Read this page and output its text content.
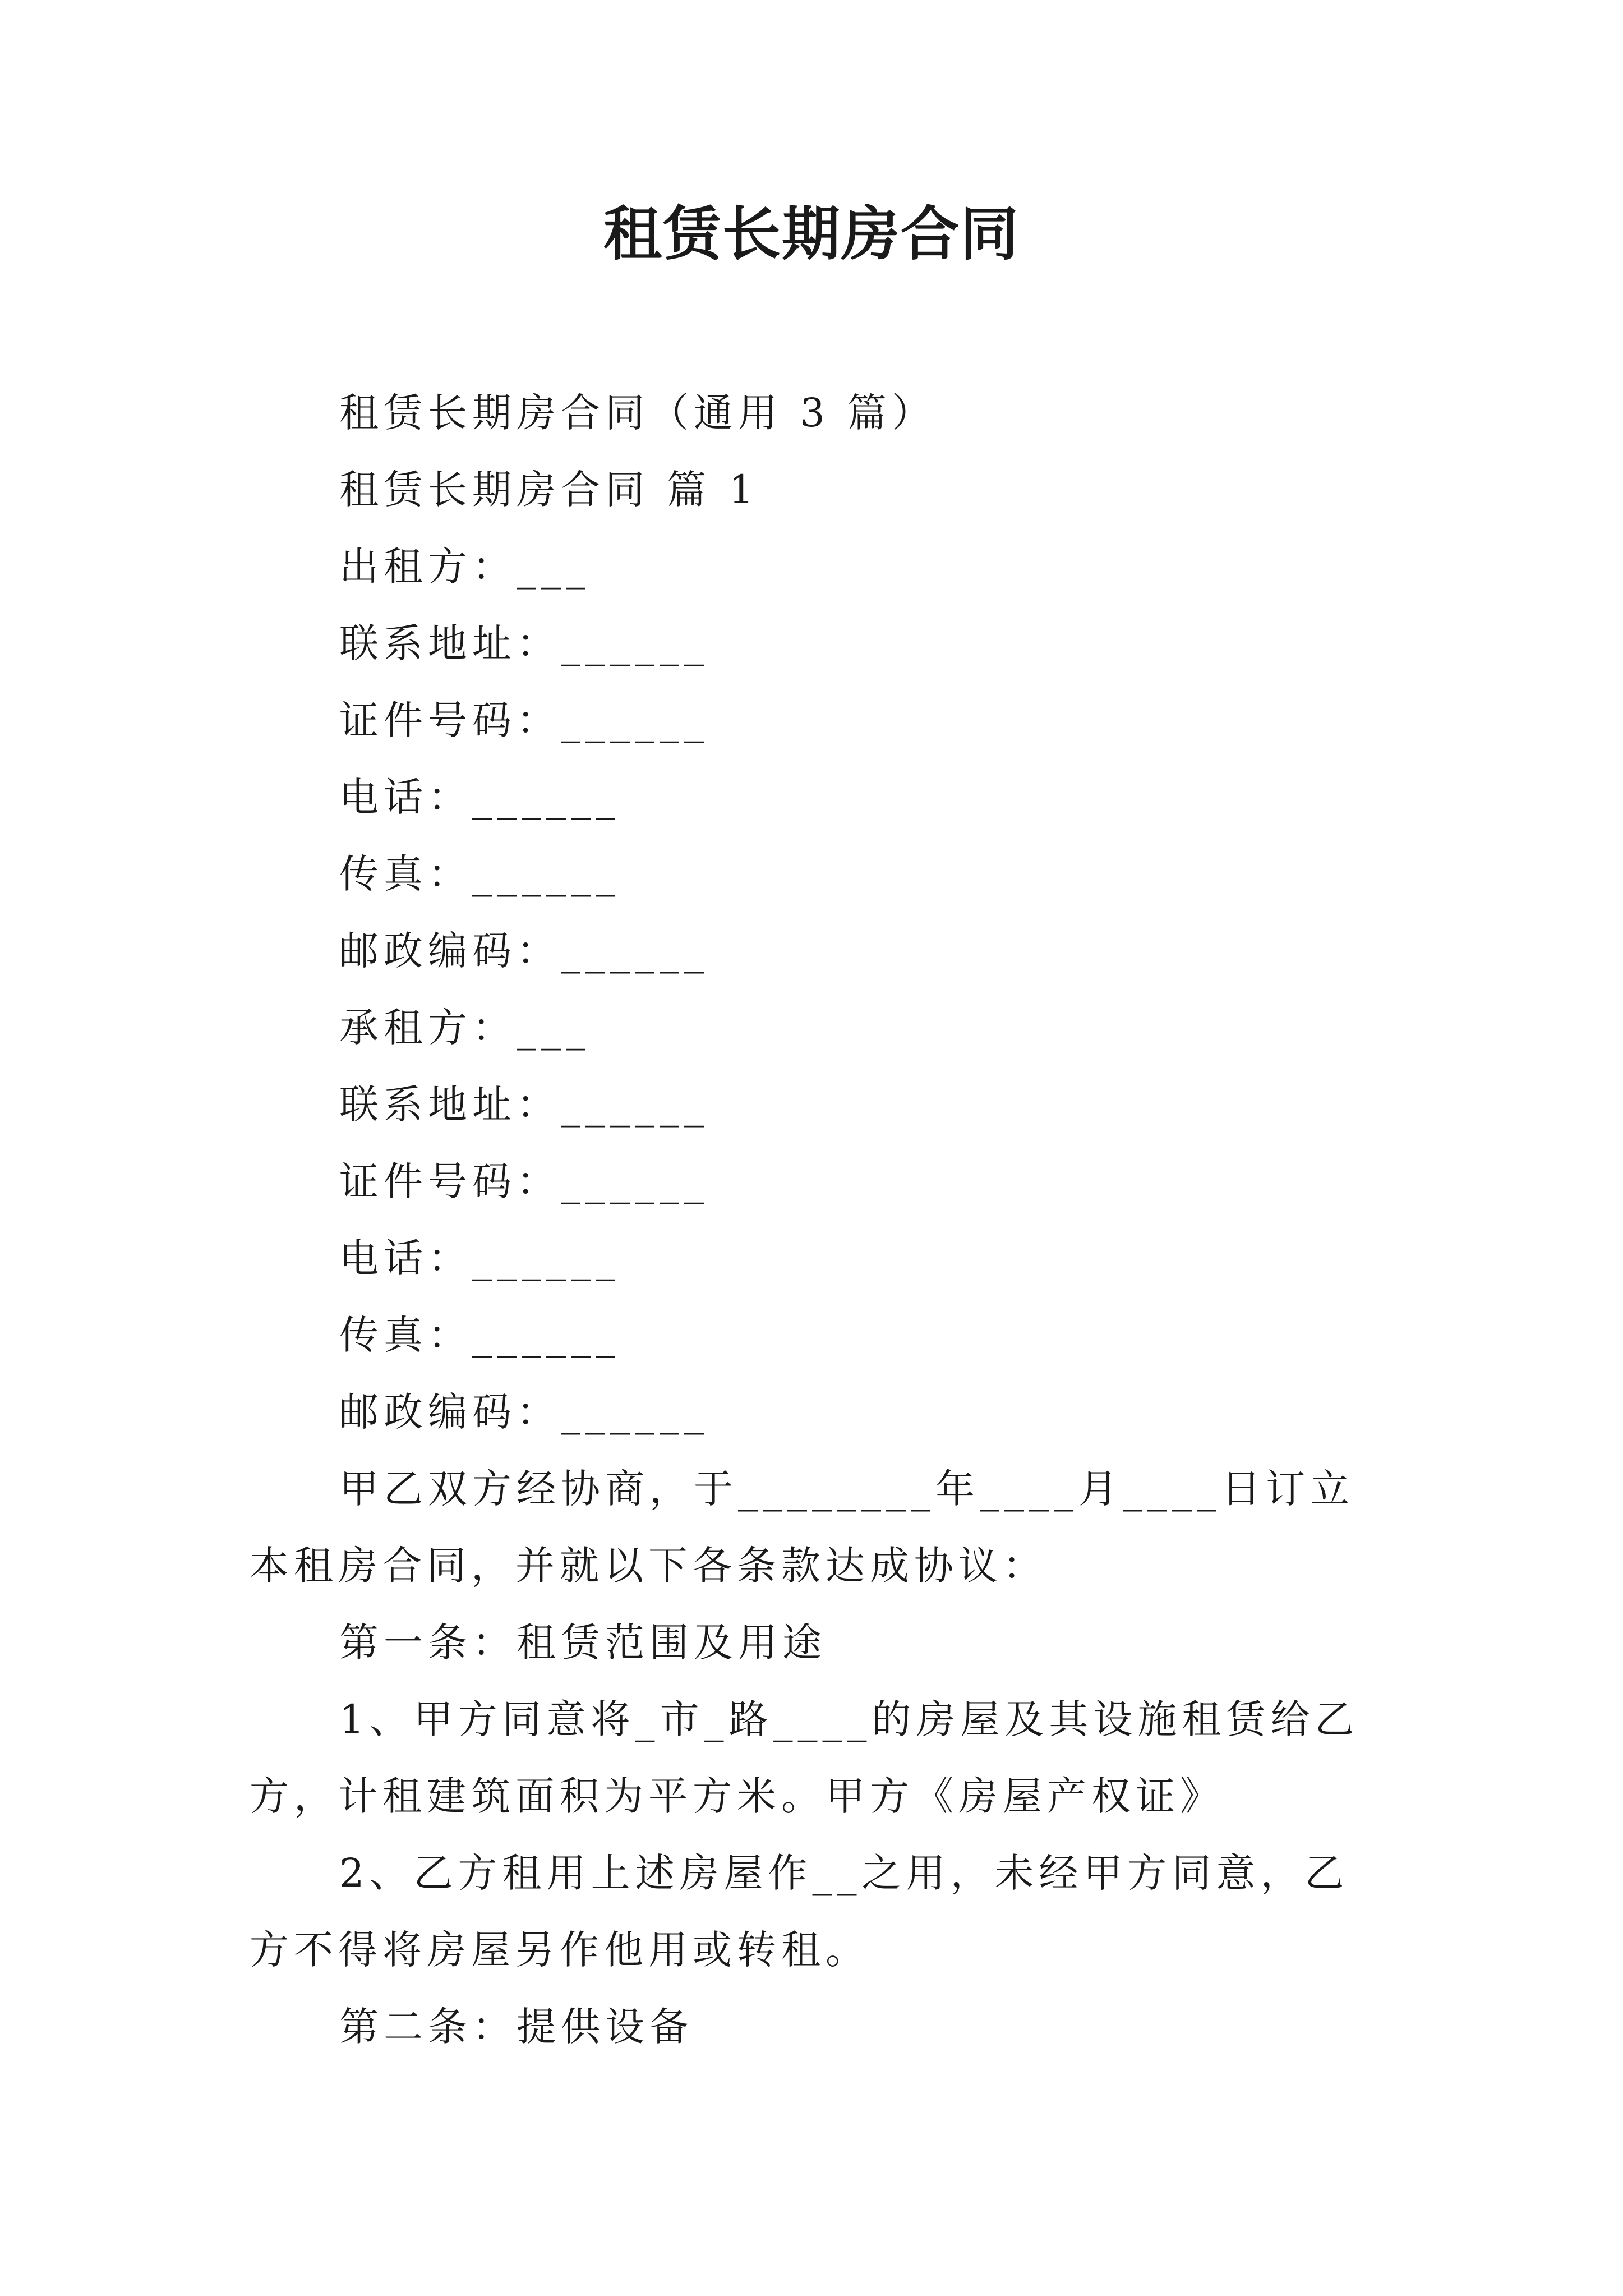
租赁长期房合同

租赁长期房合同（通用 3 篇）

租赁长期房合同 篇 1

出租方：___

联系地址：______

证件号码：______

电话：______

传真：______

邮政编码：______

承租方：___

联系地址：______

证件号码：______

电话：______

传真：______

邮政编码：______

甲乙双方经协商，于________年____月____日订立本租房合同，并就以下各条款达成协议：

第一条：租赁范围及用途

1、甲方同意将_市_路____的房屋及其设施租赁给乙方，计租建筑面积为平方米。甲方《房屋产权证》

2、乙方租用上述房屋作__之用，未经甲方同意，乙方不得将房屋另作他用或转租。

第二条：提供设备
